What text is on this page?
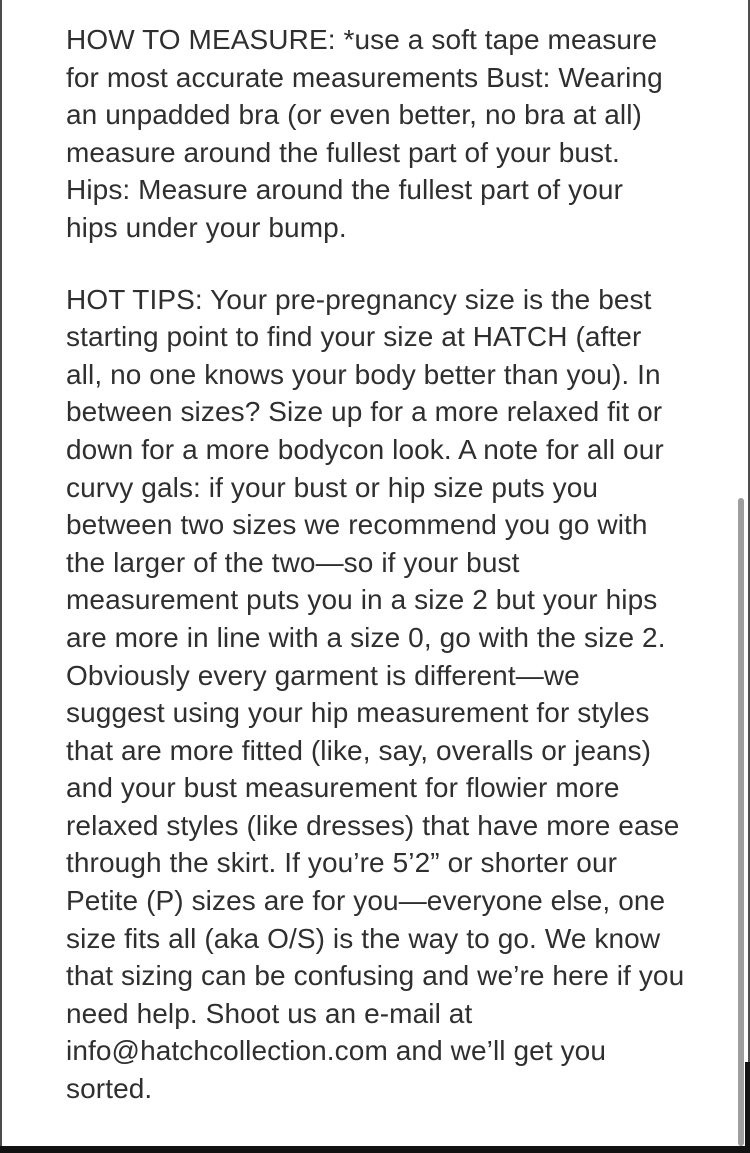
HOW TO MEASURE: *use a soft tape measure
for most accurate measurements Bust: Wearing
an unpadded bra (or even better, no bra at all)
measure around the fullest part of your bust.
Hips: Measure around the fullest part of your
hips under your bump.
HOT TIPS: Your pre-pregnancy size is the best
starting point to find your size at HATCH (after
all, no one knows your body better than you). In
between sizes? Size up for a more relaxed fit or
down for a more bodycon look. A note for all our
curvy gals: if your bust or hip size puts you
between two sizes we recommend you go with
the larger of the two—so if your bust
measurement puts you in a size 2 but your hips
are more in line with a size 0, go with the size 2.
Obviously every garment is different—we
suggest using your hip measurement for styles
that are more fitted (like, say, overalls or jeans)
and your bust measurement for flowier more
relaxed styles (like dresses) that have more ease
through the skirt. If you’re 5’2” or shorter our
Petite (P) sizes are for you—everyone else, one
size fits all (aka O/S) is the way to go. We know
that sizing can be confusing and we’re here if you
need help. Shoot us an e-mail at
info@hatchcollection.com and we’ll get you
sorted.
